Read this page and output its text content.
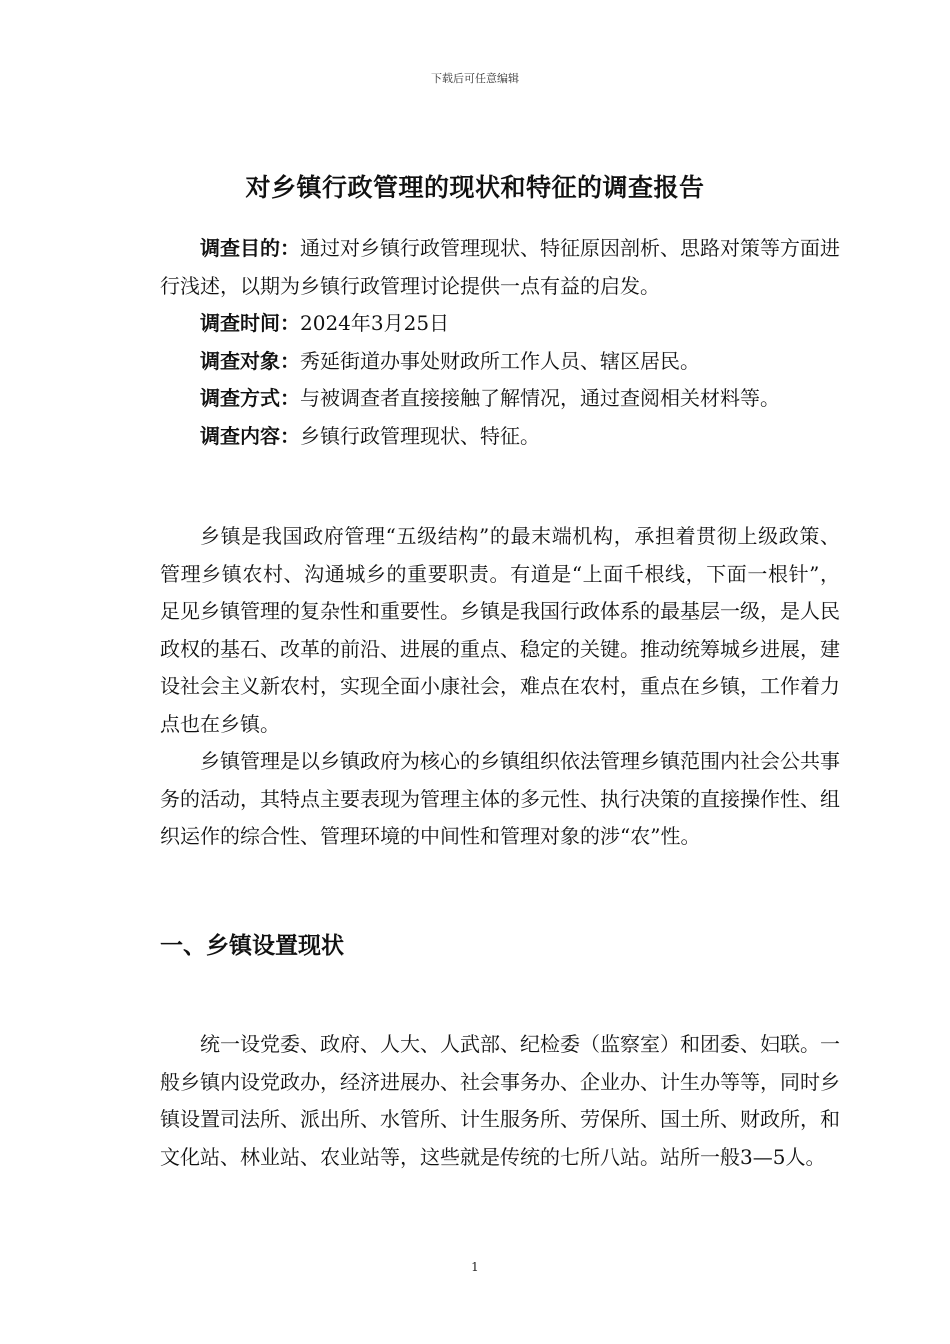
下载后可任意编辑
对乡镇行政管理的现状和特征的调查报告

调查目的：通过对乡镇行政管理现状、特征原因剖析、思路对策等方面进行浅述，以期为乡镇行政管理讨论提供一点有益的启发。

调查时间：2024年3月25日

调查对象：秀延街道办事处财政所工作人员、辖区居民。

调查方式：与被调查者直接接触了解情况，通过查阅相关材料等。

调查内容：乡镇行政管理现状、特征。

乡镇是我国政府管理“五级结构”的最末端机构，承担着贯彻上级政策、管理乡镇农村、沟通城乡的重要职责。有道是“上面千根线，下面一根针”，足见乡镇管理的复杂性和重要性。乡镇是我国行政体系的最基层一级，是人民政权的基石、改革的前沿、进展的重点、稳定的关键。推动统筹城乡进展，建设社会主义新农村，实现全面小康社会，难点在农村，重点在乡镇，工作着力点也在乡镇。

乡镇管理是以乡镇政府为核心的乡镇组织依法管理乡镇范围内社会公共事务的活动，其特点主要表现为管理主体的多元性、执行决策的直接操作性、组织运作的综合性、管理环境的中间性和管理对象的涉“农”性。

一、乡镇设置现状

统一设党委、政府、人大、人武部、纪检委（监察室）和团委、妇联。一般乡镇内设党政办，经济进展办、社会事务办、企业办、计生办等等，同时乡镇设置司法所、派出所、水管所、计生服务所、劳保所、国土所、财政所，和文化站、林业站、农业站等，这些就是传统的七所八站。站所一般3—5人。

1
